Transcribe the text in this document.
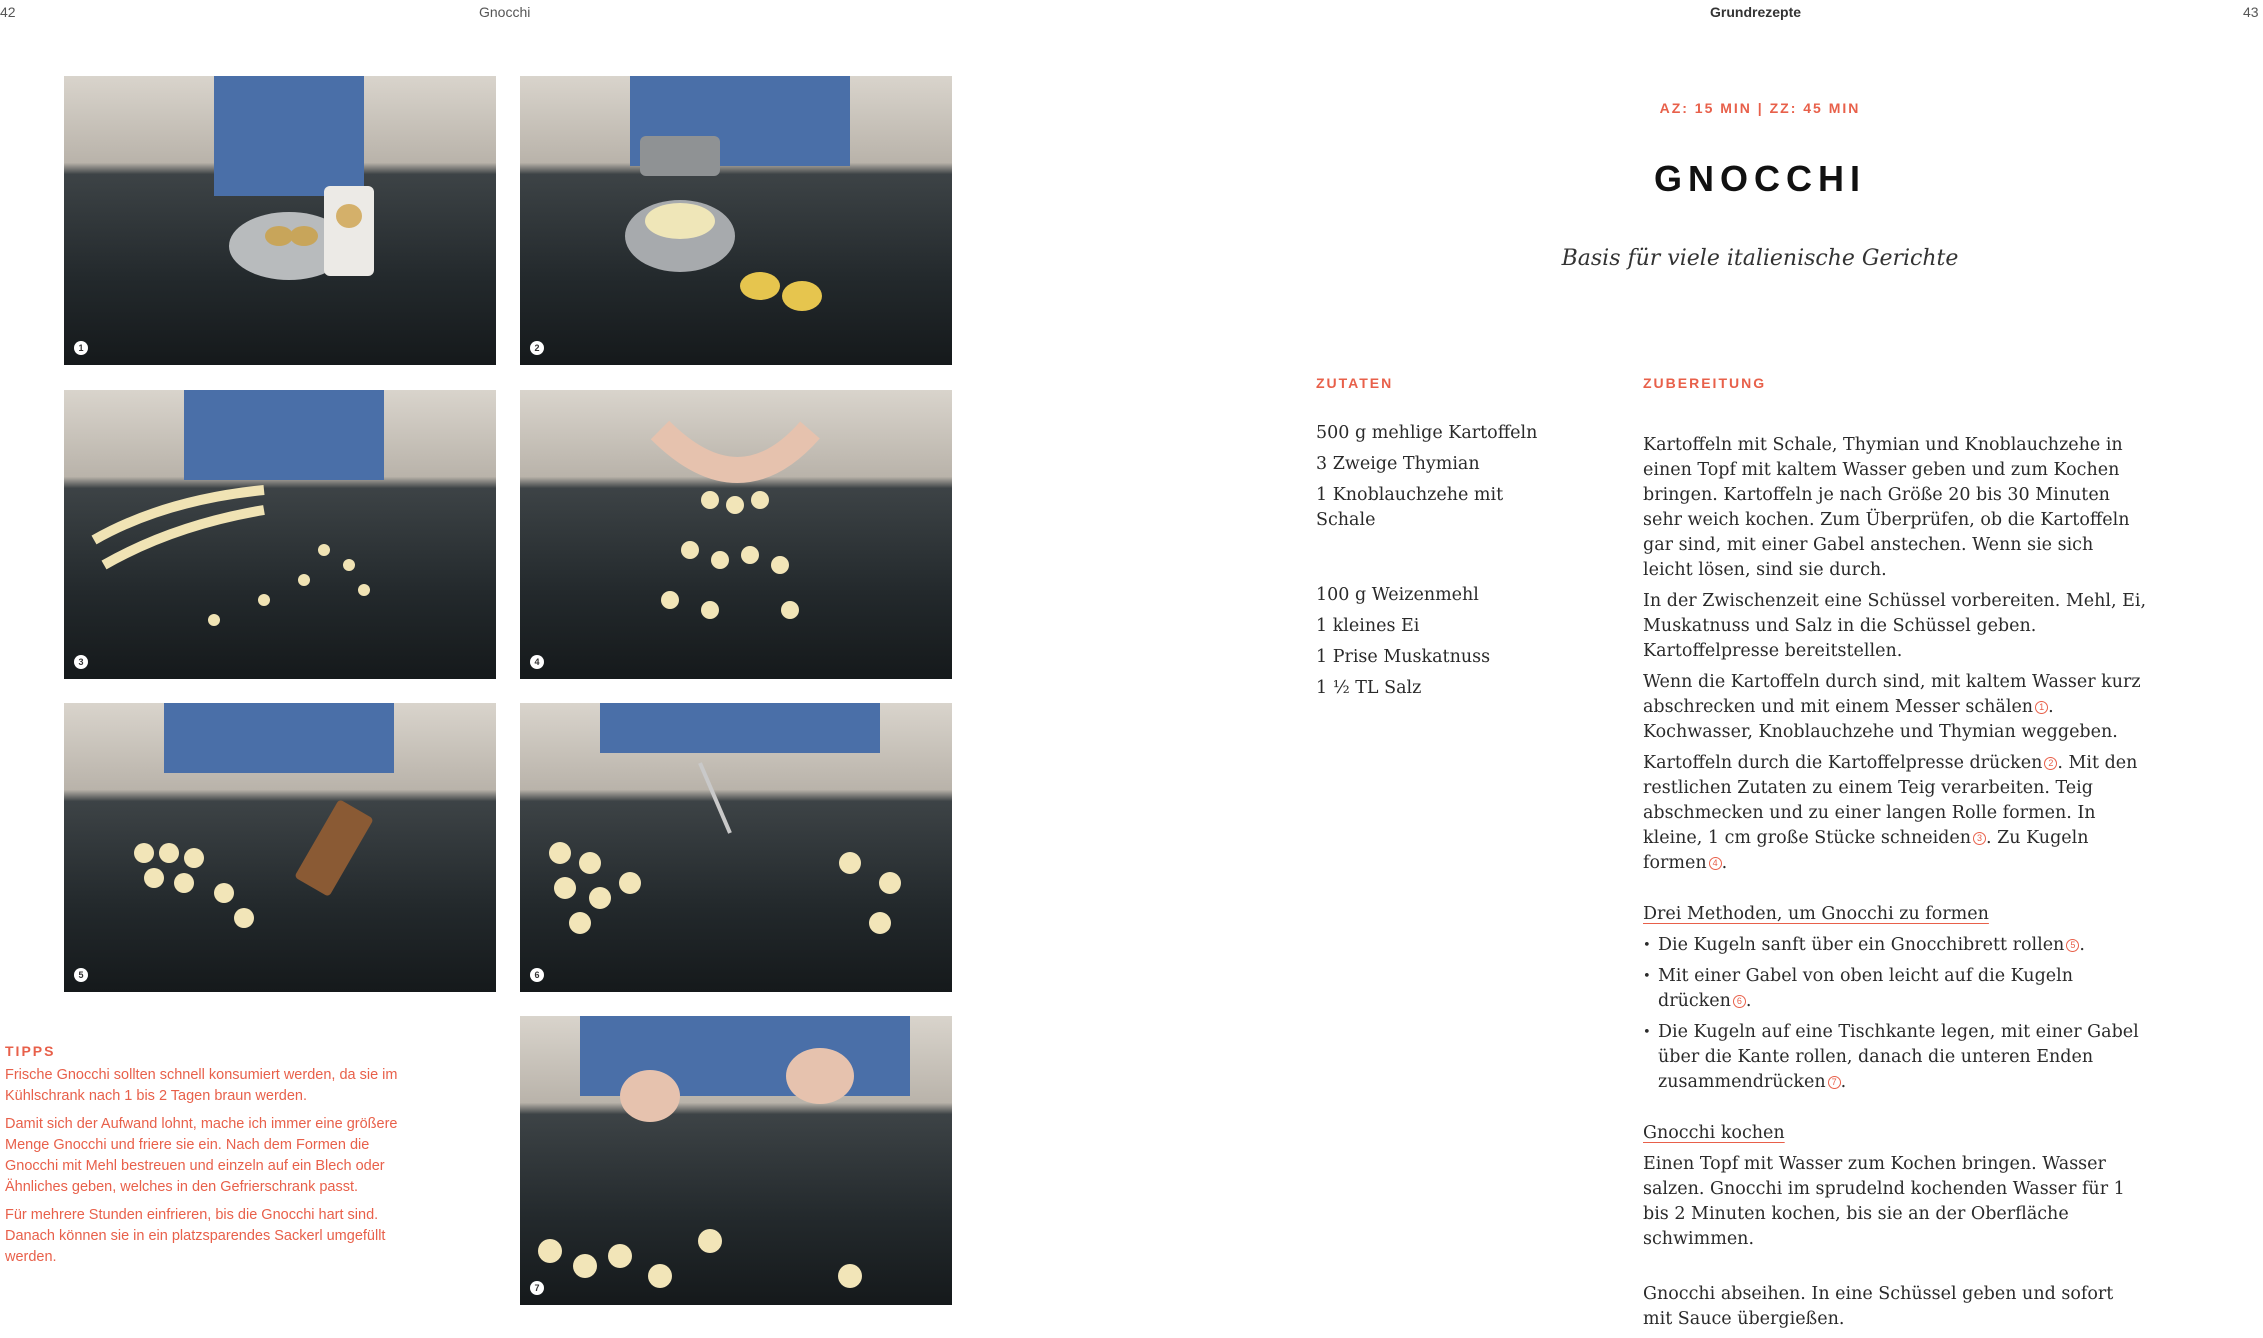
42	Gnocchi	Grundrezepte	43
1	2
3	4
5	6
7
TIPPS

Frische Gnocchi sollten schnell konsumiert werden, da sie im Kühlschrank nach 1 bis 2 Tagen braun werden.

Damit sich der Aufwand lohnt, mache ich immer eine größere Menge Gnocchi und friere sie ein. Nach dem Formen die Gnocchi mit Mehl bestreuen und einzeln auf ein Blech oder Ähnliches geben, welches in den Gefrierschrank passt.

Für mehrere Stunden einfrieren, bis die Gnocchi hart sind. Danach können sie in ein platzsparendes Sackerl umgefüllt werden.

AZ: 15 MIN | ZZ: 45 MIN
GNOCCHI
Basis für viele italienische Gerichte
ZUTATEN	ZUBEREITUNG
500 g mehlige Kartoffeln
3 Zweige Thymian
1 Knoblauchzehe mit Schale
100 g Weizenmehl
1 kleines Ei
1 Prise Muskatnuss
1 ½ TL Salz

Kartoffeln mit Schale, Thymian und Knoblauchzehe in einen Topf mit kaltem Wasser geben und zum Kochen bringen. Kartoffeln je nach Größe 20 bis 30 Minuten sehr weich kochen. Zum Überprüfen, ob die Kartoffeln gar sind, mit einer Gabel anstechen. Wenn sie sich leicht lösen, sind sie durch.

In der Zwischenzeit eine Schüssel vorbereiten. Mehl, Ei, Muskatnuss und Salz in die Schüssel geben. Kartoffelpresse bereitstellen.

Wenn die Kartoffeln durch sind, mit kaltem Wasser kurz abschrecken und mit einem Messer schälen 1 . Kochwasser, Knoblauchzehe und Thymian weggeben.

Kartoffeln durch die Kartoffelpresse drücken 2 . Mit den restlichen Zutaten zu einem Teig verarbeiten. Teig abschmecken und zu einer langen Rolle formen. In kleine, 1 cm große Stücke schneiden 3 . Zu Kugeln formen 4 .

Drei Methoden, um Gnocchi zu formen
• Die Kugeln sanft über ein Gnocchibrett rollen 5 .
• Mit einer Gabel von oben leicht auf die Kugeln drücken 6 .
• Die Kugeln auf eine Tischkante legen, mit einer Gabel über die Kante rollen, danach die unteren Enden zusammendrücken 7 .
Gnocchi kochen

Einen Topf mit Wasser zum Kochen bringen. Wasser salzen. Gnocchi im sprudelnd kochenden Wasser für 1 bis 2 Minuten kochen, bis sie an der Oberfläche schwimmen.

Gnocchi abseihen. In eine Schüssel geben und sofort mit Sauce übergießen.
